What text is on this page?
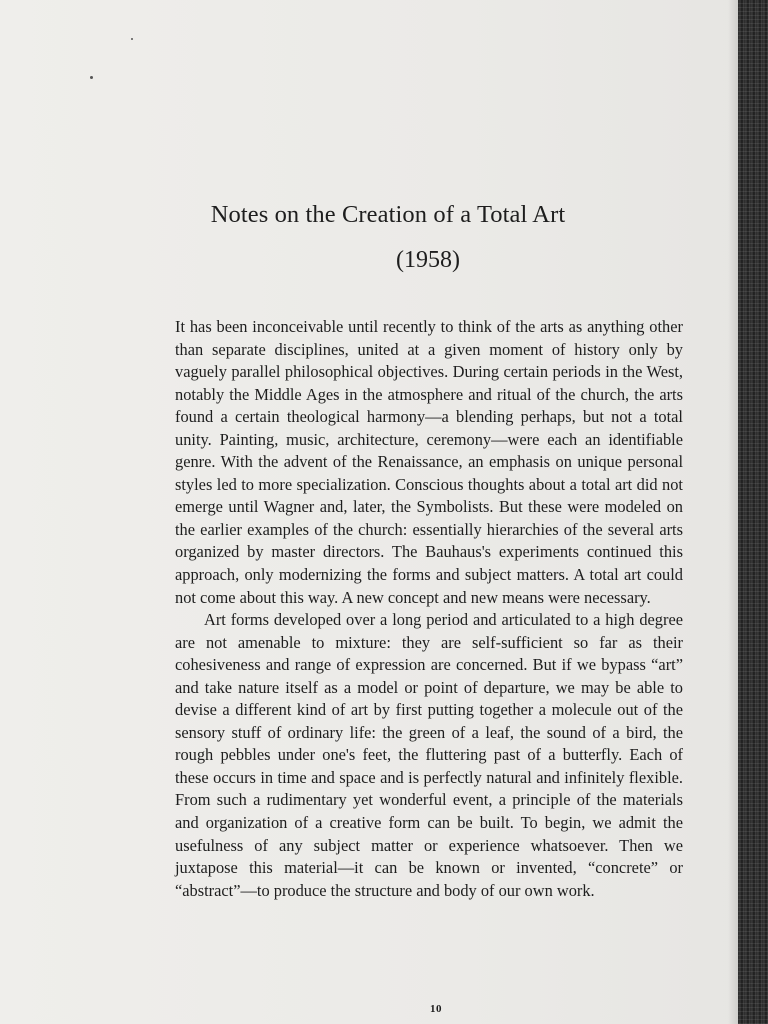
Notes on the Creation of a Total Art
(1958)

It has been inconceivable until recently to think of the arts as anything other than separate disciplines, united at a given moment of history only by vaguely parallel philosophical objectives. During certain periods in the West, notably the Middle Ages in the atmosphere and ritual of the church, the arts found a certain theological harmony—a blending perhaps, but not a total unity. Painting, music, architecture, ceremony—were each an identifiable genre. With the advent of the Renaissance, an emphasis on unique personal styles led to more specialization. Conscious thoughts about a total art did not emerge until Wagner and, later, the Symbolists. But these were modeled on the earlier examples of the church: essentially hierarchies of the several arts organized by master directors. The Bauhaus's experiments continued this approach, only modernizing the forms and subject matters. A total art could not come about this way. A new concept and new means were necessary.

Art forms developed over a long period and articulated to a high degree are not amenable to mixture: they are self-sufficient so far as their cohesiveness and range of expression are concerned. But if we bypass “art” and take nature itself as a model or point of departure, we may be able to devise a different kind of art by first putting together a molecule out of the sensory stuff of ordinary life: the green of a leaf, the sound of a bird, the rough pebbles under one's feet, the fluttering past of a butterfly. Each of these occurs in time and space and is perfectly natural and infinitely flexible. From such a rudimentary yet wonderful event, a principle of the materials and organization of a creative form can be built. To begin, we admit the usefulness of any subject matter or experience whatsoever. Then we juxtapose this material—it can be known or invented, “concrete” or “abstract”—to produce the structure and body of our own work.

10
